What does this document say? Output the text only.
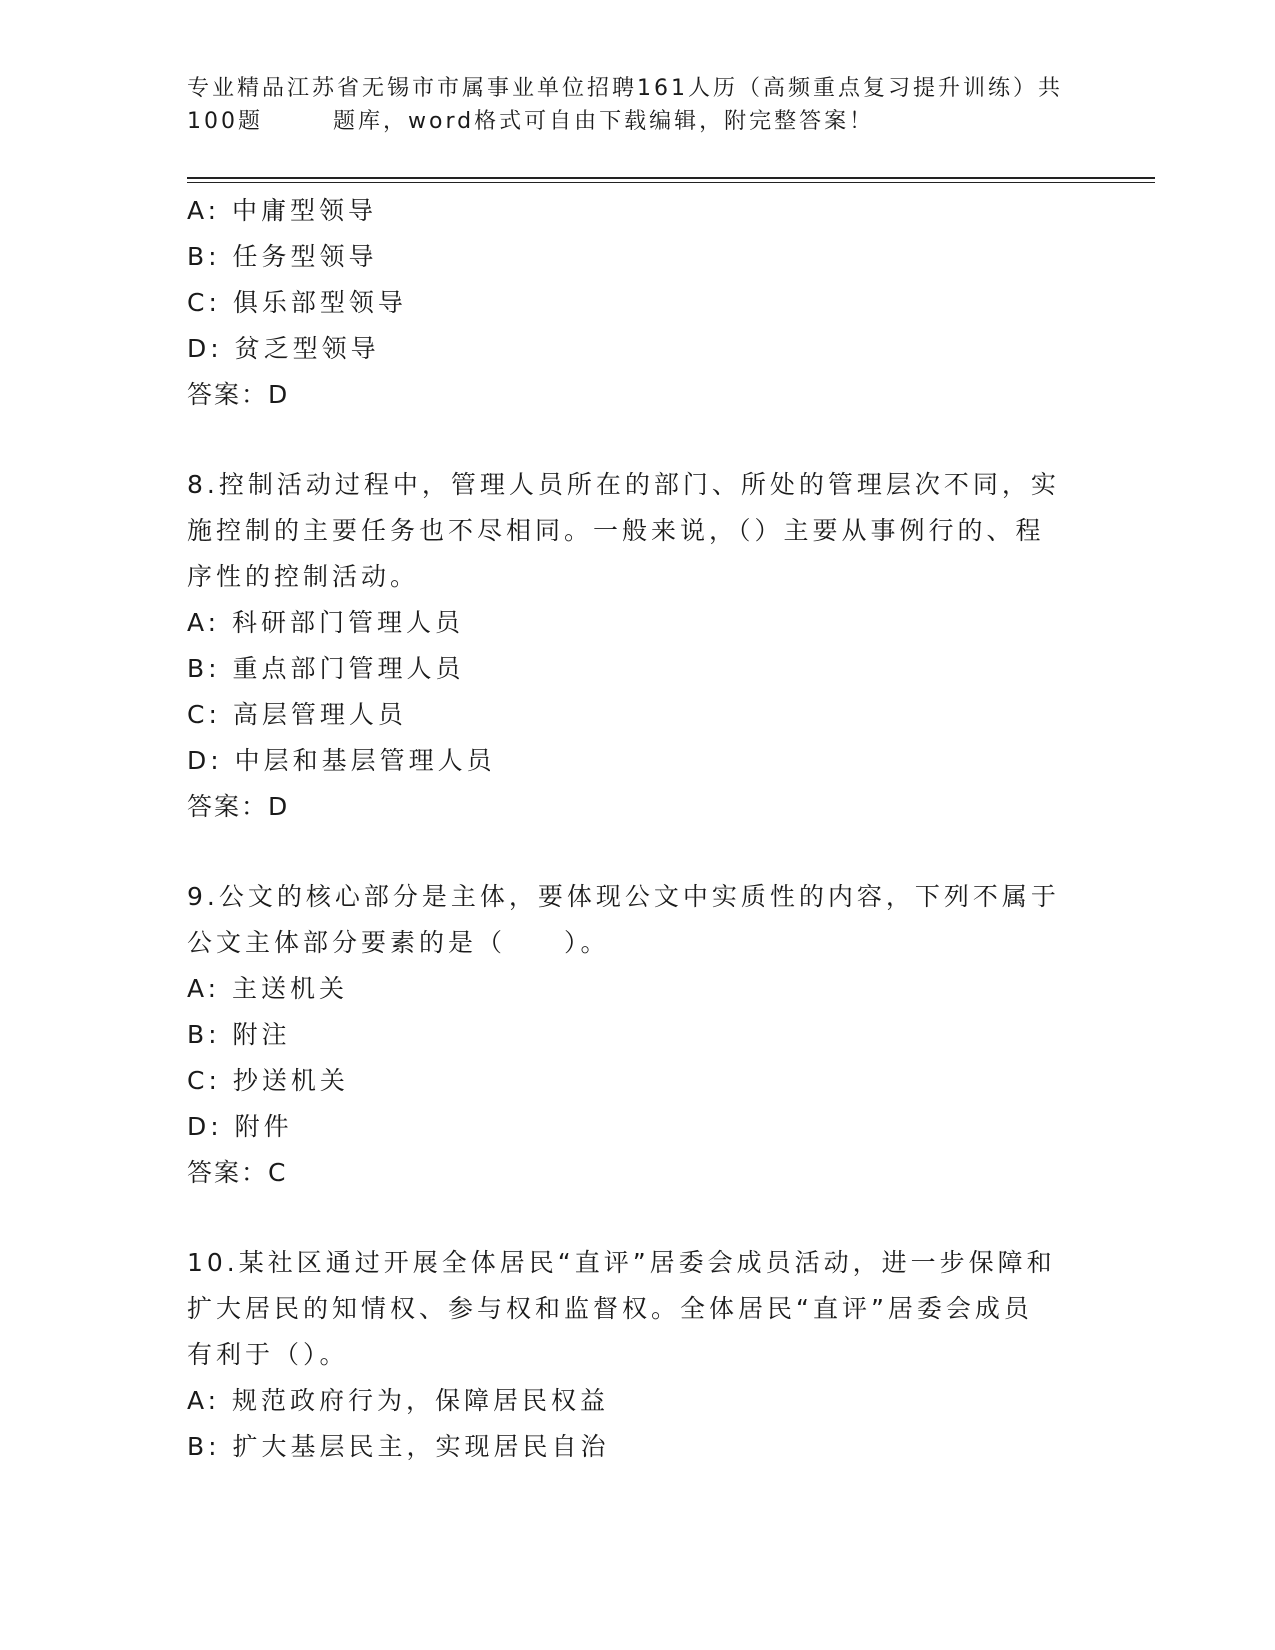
专业精品江苏省无锡市市属事业单位招聘161人历（高频重点复习提升训练）共
100题	题库，word格式可自由下载编辑，附完整答案！
A: 中庸型领导
B: 任务型领导
C: 俱乐部型领导
D: 贫乏型领导
答案：D
8.控制活动过程中，管理人员所在的部门、所处的管理层次不同，实
施控制的主要任务也不尽相同。一般来说，（）主要从事例行的、程
序性的控制活动。
A: 科研部门管理人员
B: 重点部门管理人员
C: 高层管理人员
D: 中层和基层管理人员
答案：D
9.公文的核心部分是主体，要体现公文中实质性的内容，下列不属于
公文主体部分要素的是（　　）。
A: 主送机关
B: 附注
C: 抄送机关
D: 附件
答案：C
10.某社区通过开展全体居民“直评”居委会成员活动，进一步保障和
扩大居民的知情权、参与权和监督权。全体居民“直评”居委会成员
有利于（）。
A: 规范政府行为，保障居民权益
B: 扩大基层民主，实现居民自治
